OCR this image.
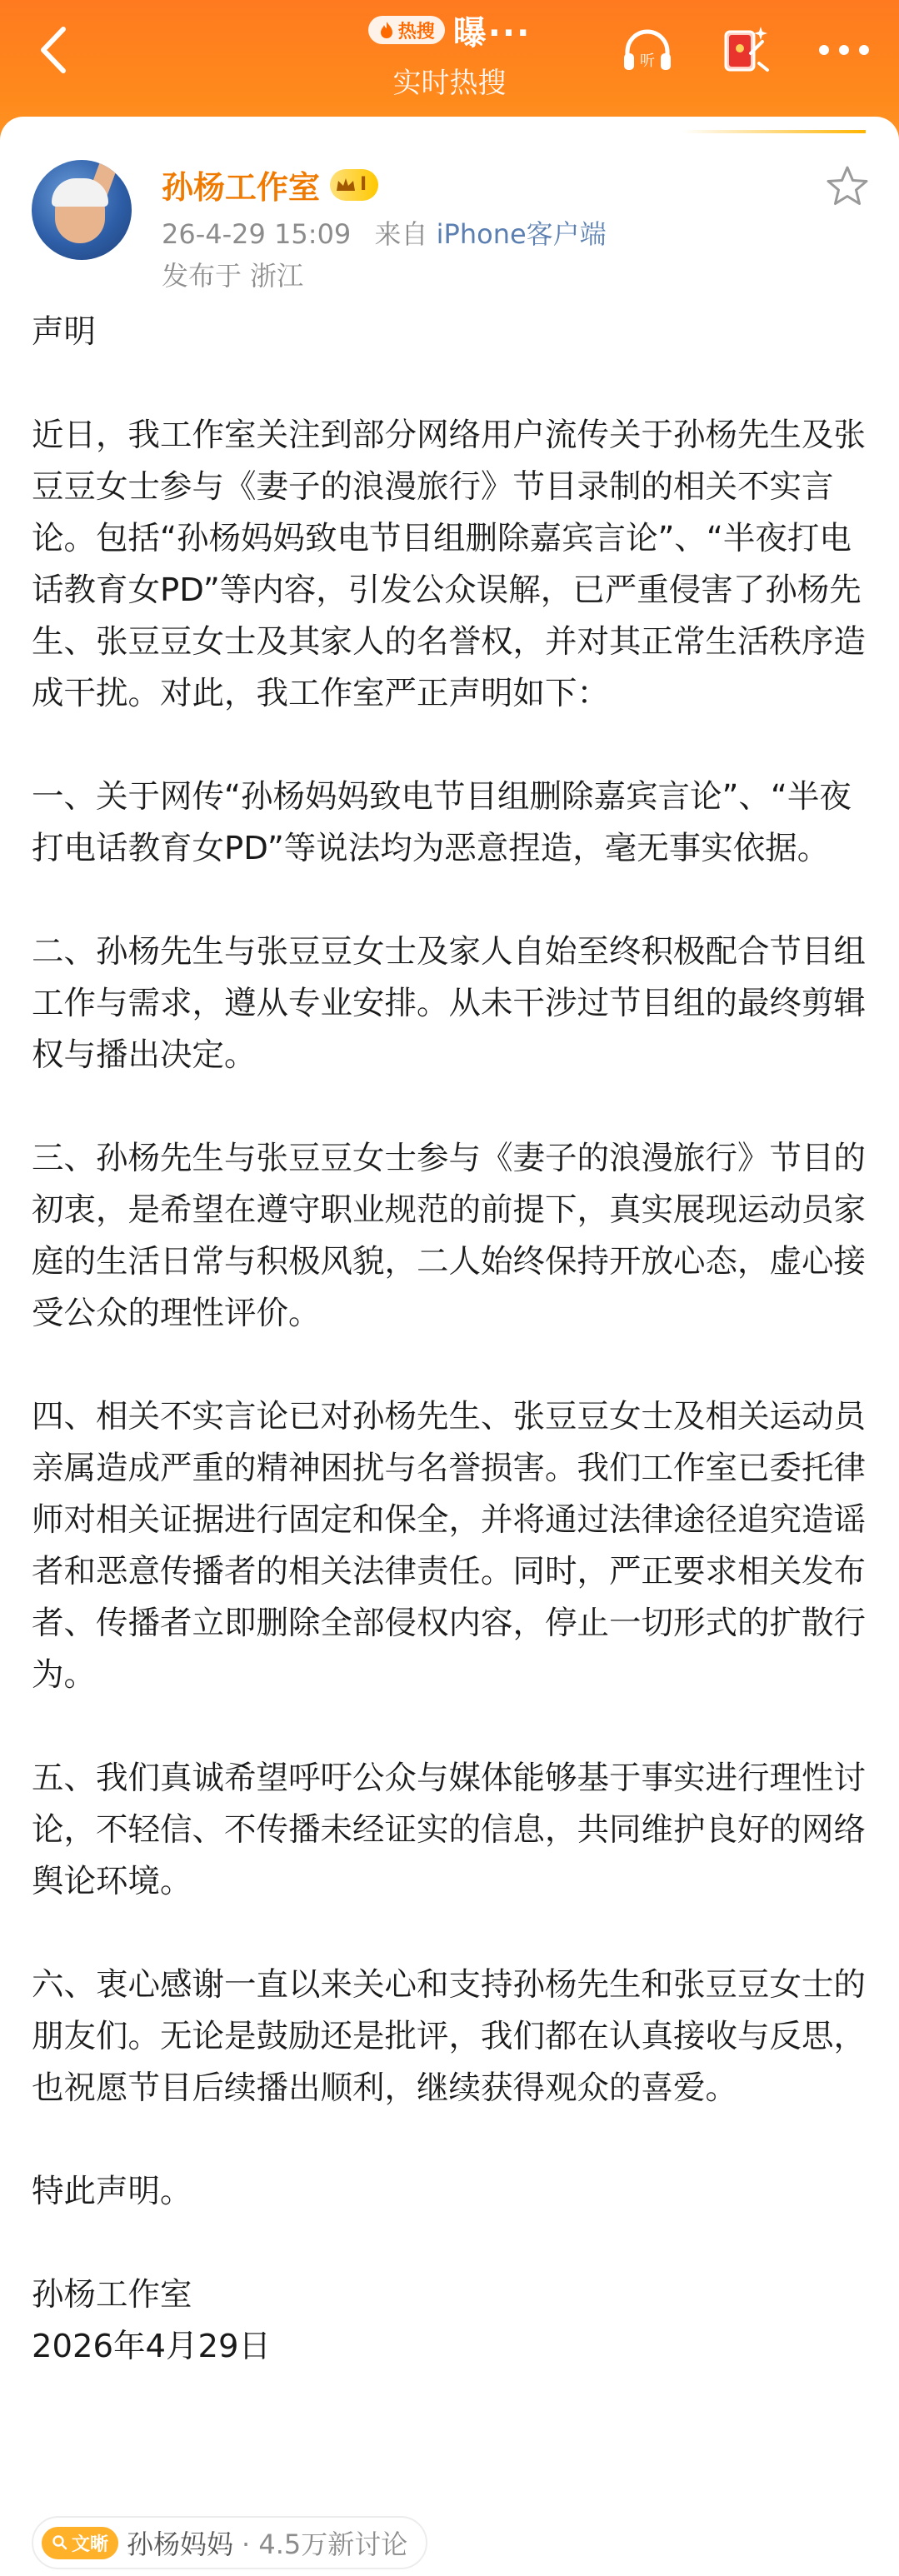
热搜 曝···
实时热搜
听
孙杨工作室 I
26-4-29 15:09 来自 iPhone客户端
发布于 浙江

声明

近日，我工作室关注到部分网络用户流传关于孙杨先生及张豆豆女士参与《妻子的浪漫旅行》节目录制的相关不实言论。包括“孙杨妈妈致电节目组删除嘉宾言论”、“半夜打电话教育女PD”等内容，引发公众误解，已严重侵害了孙杨先生、张豆豆女士及其家人的名誉权，并对其正常生活秩序造成干扰。对此，我工作室严正声明如下：

一、关于网传“孙杨妈妈致电节目组删除嘉宾言论”、“半夜打电话教育女PD”等说法均为恶意捏造，毫无事实依据。

二、孙杨先生与张豆豆女士及家人自始至终积极配合节目组工作与需求，遵从专业安排。从未干涉过节目组的最终剪辑权与播出决定。

三、孙杨先生与张豆豆女士参与《妻子的浪漫旅行》节目的初衷，是希望在遵守职业规范的前提下，真实展现运动员家庭的生活日常与积极风貌，二人始终保持开放心态，虚心接受公众的理性评价。

四、相关不实言论已对孙杨先生、张豆豆女士及相关运动员亲属造成严重的精神困扰与名誉损害。我们工作室已委托律师对相关证据进行固定和保全，并将通过法律途径追究造谣者和恶意传播者的相关法律责任。同时，严正要求相关发布者、传播者立即删除全部侵权内容，停止一切形式的扩散行为。

五、我们真诚希望呼吁公众与媒体能够基于事实进行理性讨论，不轻信、不传播未经证实的信息，共同维护良好的网络舆论环境。

六、衷心感谢一直以来关心和支持孙杨先生和张豆豆女士的朋友们。无论是鼓励还是批评，我们都在认真接收与反思，也祝愿节目后续播出顺利，继续获得观众的喜爱。

特此声明。

孙杨工作室

2026年4月29日

文晰 孙杨妈妈 · 4.5万新讨论
